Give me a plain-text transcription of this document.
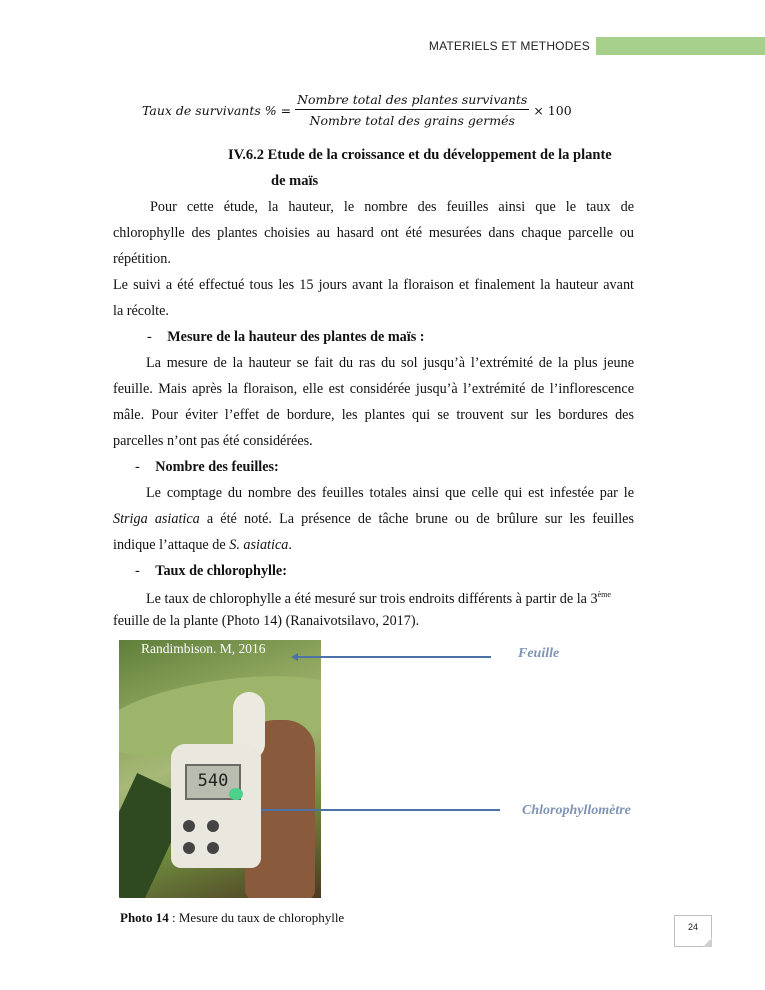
MATERIELS ET METHODES
Taux de survivants % = $\frac{\text{Nombre total des plantes survivants}}{\text{Nombre total des grains germés}} \times 100$
IV.6.2 Etude de la croissance et du développement de la plante
de maïs
Pour cette étude, la hauteur, le nombre des feuilles ainsi que le taux de
chlorophylle des plantes choisies au hasard ont été mesurées dans chaque parcelle ou
répétition.
Le suivi a été effectué tous les 15 jours avant la floraison et finalement la hauteur avant
la récolte.
- Mesure de la hauteur des plantes de maïs :
La mesure de la hauteur se fait du ras du sol jusqu’à l’extrémité de la plus jeune
feuille. Mais après la floraison, elle est considérée jusqu’à l’extrémité de l’inflorescence
mâle. Pour éviter l’effet de bordure, les plantes qui se trouvent sur les bordures des
parcelles n’ont pas été considérées.
- Nombre des feuilles:
Le comptage du nombre des feuilles totales ainsi que celle qui est infestée par le
Striga asiatica a été noté. La présence de tâche brune ou de brûlure sur les feuilles
indique l’attaque de S. asiatica.
- Taux de chlorophylle:
Le taux de chlorophylle a été mesuré sur trois endroits différents à partir de la 3ème
feuille de la plante (Photo 14) (Ranaivotsilavo, 2017).
540
Randimbison. M, 2016	Feuille
Chlorophyllomètre
Photo 14 : Mesure du taux de chlorophylle
24
